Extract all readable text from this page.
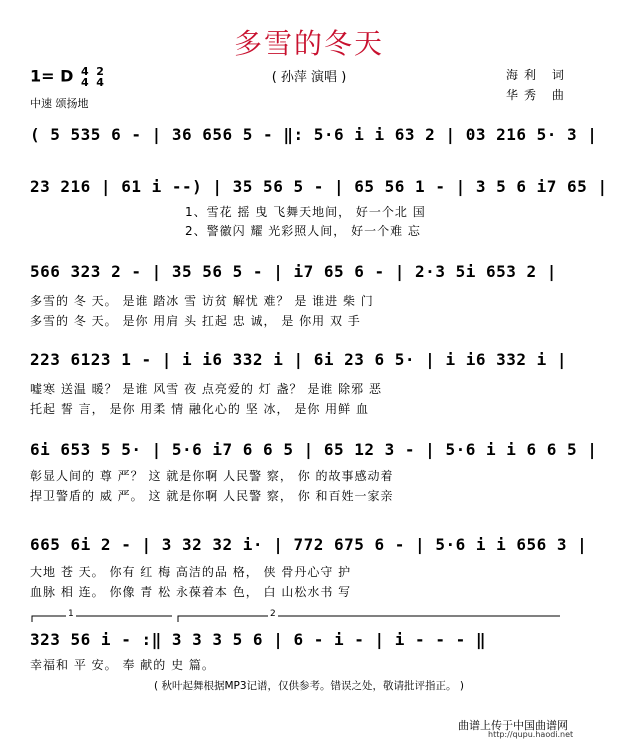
多雪的冬天
( 孙萍 演唱 )
1= D 4
4

2
4
中速 颂扬地
海利 词
华秀 曲
( 5 535 6 - | 36 656 5 - ‖: 5·6 i i 63 2 | 03 216 5· 3 |
23 216 | 61 i --) | 35 56 5 - | 65 56 1 - | 3 5 6 i7 65 |
1、雪花 摇 曳 飞舞天地间， 好一个北 国
2、警徽闪 耀 光彩照人间， 好一个难 忘
566 323 2 - | 35 56 5 - | i7 65 6 - | 2·3 5i 653 2 |
多雪的 冬 天。 是谁 踏冰 雪 访贫 解忧 难？ 是 谁进 柴 门
多雪的 冬 天。 是你 用肩 头 扛起 忠 诚， 是 你用 双 手
223 6123 1 - | i i6 332 i | 6i 23 6 5· | i i6 332 i |
嘘寒 送温 暖？ 是谁 风雪 夜 点亮爱的 灯 盏？ 是谁 除邪 恶
托起 誓 言， 是你 用柔 情 融化心的 坚 冰， 是你 用鲜 血
6i 653 5 5· | 5·6 i7 6 6 5 | 65 12 3 - | 5·6 i i 6 6 5 |
彰显人间的 尊 严？ 这 就是你啊 人民警 察， 你 的故事感动着
捍卫警盾的 威 严。 这 就是你啊 人民警 察， 你 和百姓一家亲
665 6i 2 - | 3 32 32 i· | 772 675 6 - | 5·6 i i 656 3 |
大地 苍 天。 你有 红 梅 高洁的品 格， 侠 骨丹心守 护
血脉 相 连。 你像 青 松 永葆着本 色， 白 山松水书 写
323 56 i - :‖ 3 3 3 5 6 | 6 - i - | i - - - ‖
幸福和 平 安。 奉 献的 史 篇。
1	2
( 秋叶起舞根据MP3记谱，仅供参考。错误之处，敬请批评指正。 )
曲谱上传于中国曲谱网
http://qupu.haodi.net
